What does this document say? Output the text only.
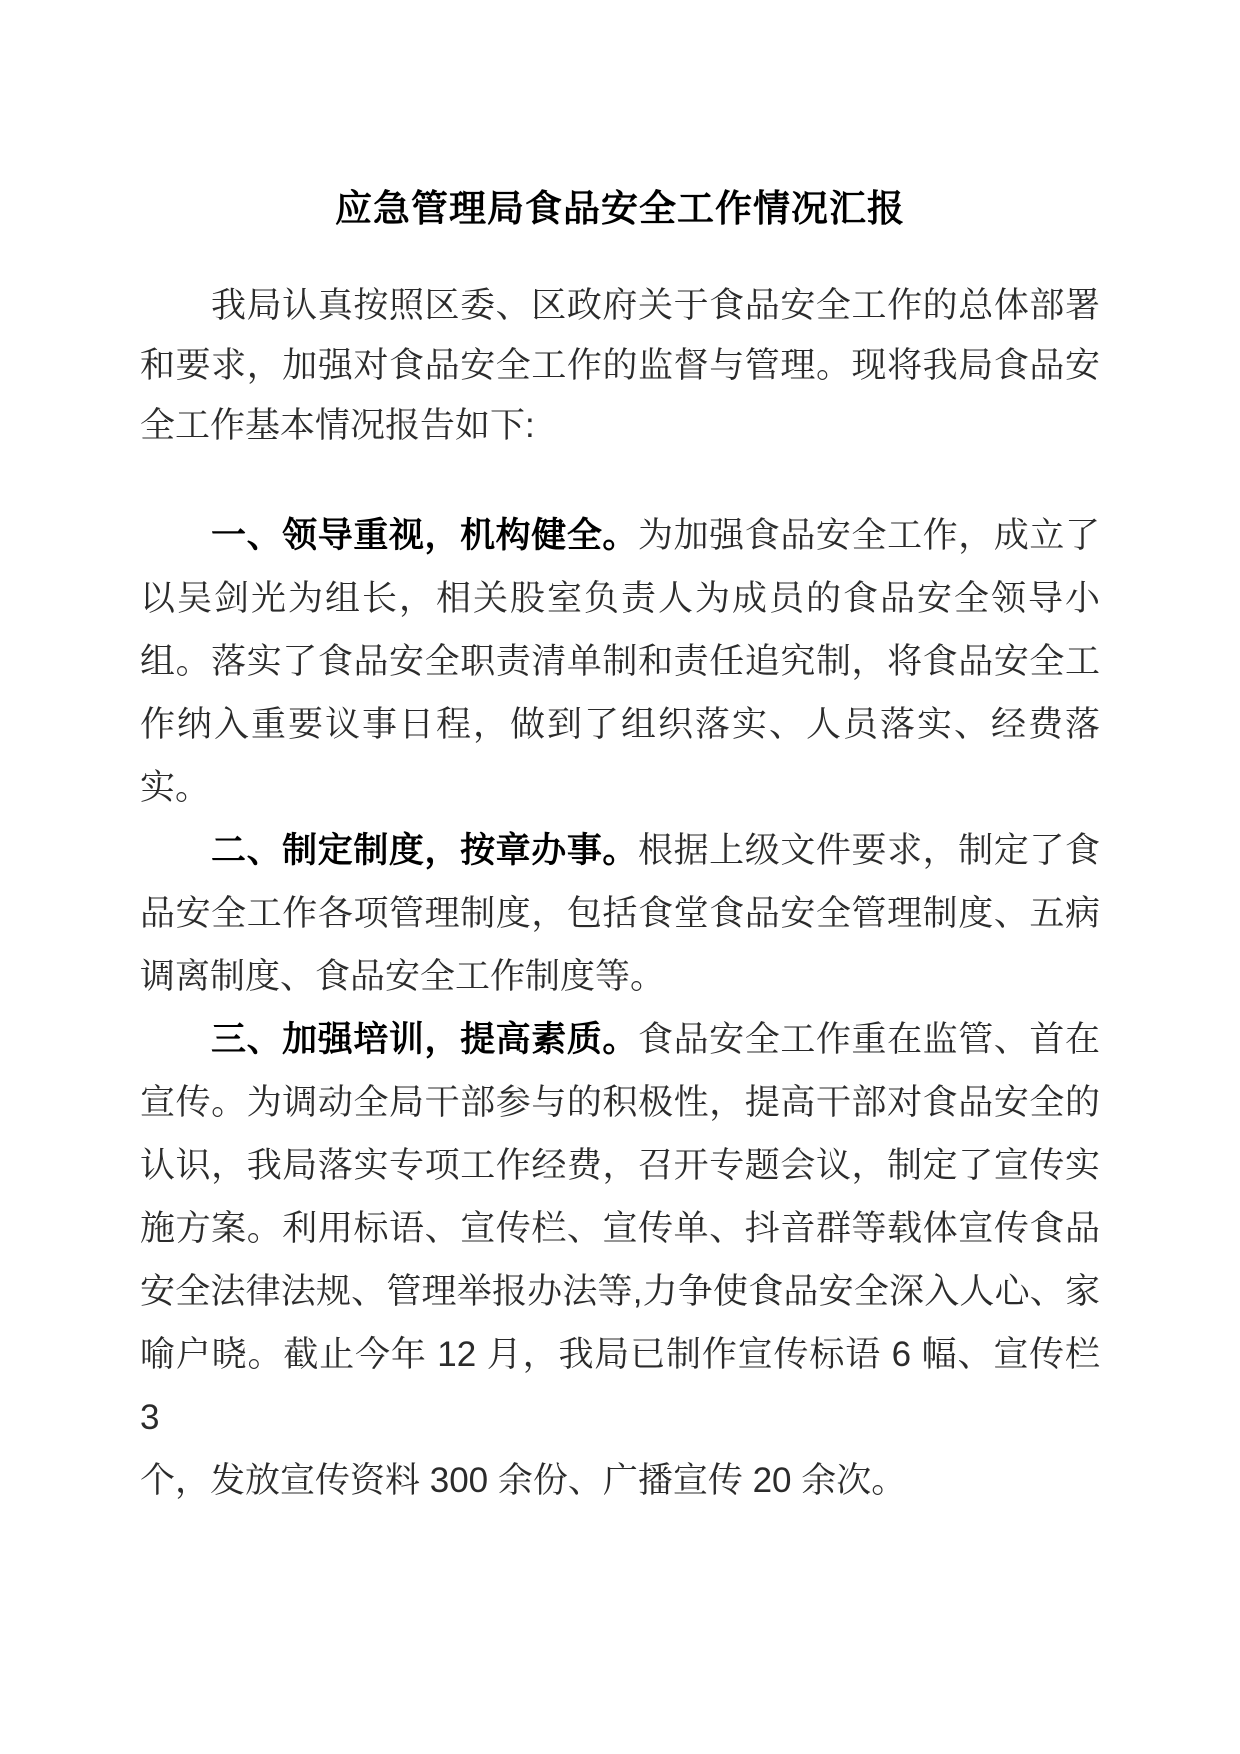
应急管理局食品安全工作情况汇报
我局认真按照区委、区政府关于食品安全工作的总体部署
和要求，加强对食品安全工作的监督与管理。现将我局食品安
全工作基本情况报告如下:
一、领导重视，机构健全。为加强食品安全工作，成立了
以吴剑光为组长，相关股室负责人为成员的食品安全领导小
组。落实了食品安全职责清单制和责任追究制，将食品安全工
作纳入重要议事日程，做到了组织落实、人员落实、经费落
实。
二、制定制度，按章办事。根据上级文件要求，制定了食
品安全工作各项管理制度，包括食堂食品安全管理制度、五病
调离制度、食品安全工作制度等。
三、加强培训，提高素质。食品安全工作重在监管、首在
宣传。为调动全局干部参与的积极性，提高干部对食品安全的
认识，我局落实专项工作经费，召开专题会议，制定了宣传实
施方案。利用标语、宣传栏、宣传单、抖音群等载体宣传食品
安全法律法规、管理举报办法等,力争使食品安全深入人心、家
喻户晓。截止今年 12 月，我局已制作宣传标语 6 幅、宣传栏 3
个，发放宣传资料 300 余份、广播宣传 20 余次。
